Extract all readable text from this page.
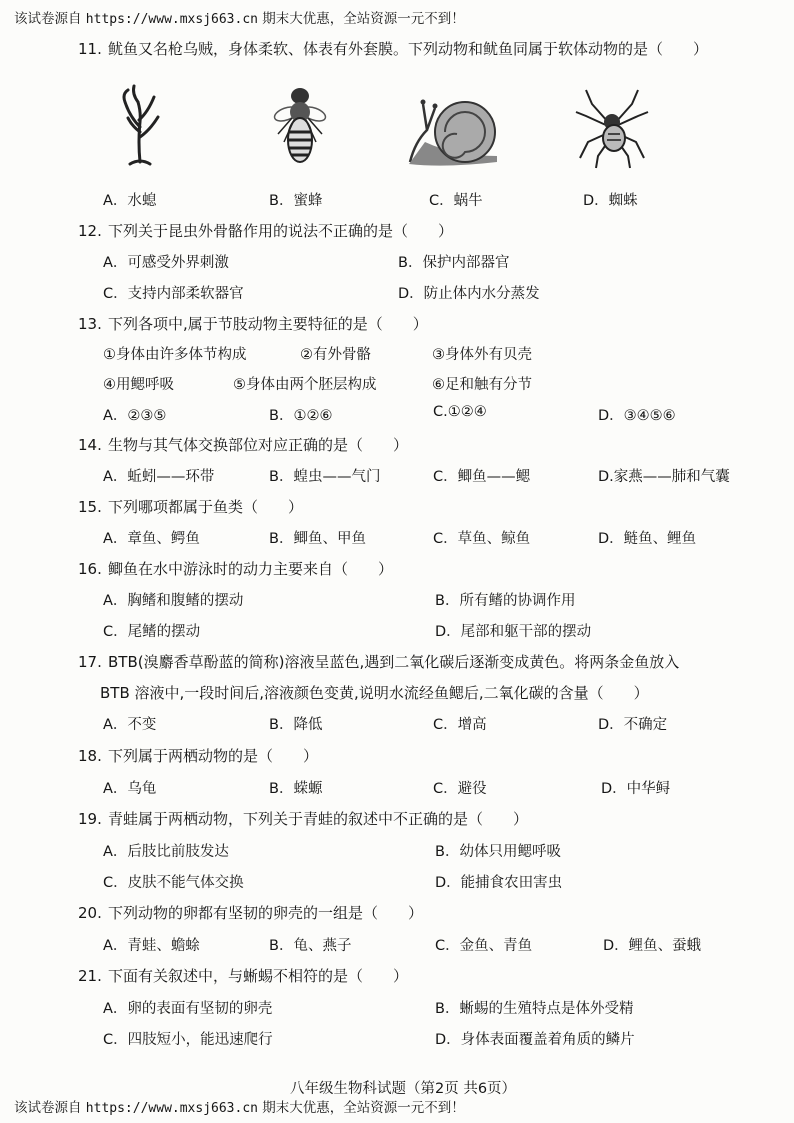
该试卷源自 https://www.mxsj663.cn 期末大优惠，全站资源一元不到！
11. 鱿鱼又名枪乌贼，身体柔软、体表有外套膜。下列动物和鱿鱼同属于软体动物的是（　　）
A．水螅	B．蜜蜂	C．蜗牛	D．蜘蛛
12. 下列关于昆虫外骨骼作用的说法不正确的是（　　）
A．可感受外界刺激	B．保护内部器官
C．支持内部柔软器官	D．防止体内水分蒸发
13. 下列各项中,属于节肢动物主要特征的是（　　）
①身体由许多体节构成	②有外骨骼	③身体外有贝壳
④用鳃呼吸	⑤身体由两个胚层构成	⑥足和触有分节
A．②③⑤	B．①②⑥	C.①②④	D．③④⑤⑥
14. 生物与其气体交换部位对应正确的是（　　）
A．蚯蚓——环带	B．蝗虫——气门	C．鲫鱼——鳃	D.家燕——肺和气囊
15. 下列哪项都属于鱼类（　　）
A．章鱼、鳄鱼	B．鲫鱼、甲鱼	C．草鱼、鲸鱼	D．鲢鱼、鲤鱼
16. 鲫鱼在水中游泳时的动力主要来自（　　）
A．胸鳍和腹鳍的摆动	B．所有鳍的协调作用
C．尾鳍的摆动	D．尾部和躯干部的摆动
17. BTB(溴麝香草酚蓝的简称)溶液呈蓝色,遇到二氧化碳后逐渐变成黄色。将两条金鱼放入
BTB 溶液中,一段时间后,溶液颜色变黄,说明水流经鱼鳃后,二氧化碳的含量（　　）
A．不变	B．降低	C．增高	D．不确定
18. 下列属于两栖动物的是（　　）
A．乌龟	B．蝾螈	C．避役	D．中华鲟
19. 青蛙属于两栖动物，下列关于青蛙的叙述中不正确的是（　　）
A．后肢比前肢发达	B．幼体只用鳃呼吸
C．皮肤不能气体交换	D．能捕食农田害虫
20. 下列动物的卵都有坚韧的卵壳的一组是（　　）
A．青蛙、蟾蜍	B．龟、燕子	C．金鱼、青鱼	D．鲤鱼、蚕蛾
21. 下面有关叙述中，与蜥蜴不相符的是（　　）
A．卵的表面有坚韧的卵壳	B．蜥蜴的生殖特点是体外受精
C．四肢短小，能迅速爬行	D．身体表面覆盖着角质的鳞片
八年级生物科试题（第2页 共6页）
该试卷源自 https://www.mxsj663.cn 期末大优惠，全站资源一元不到！
